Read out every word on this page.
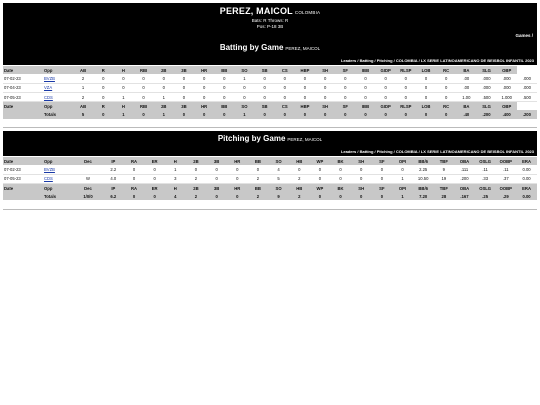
PEREZ, MAICOL COLOMBIA
Bats: R Throws: R
Pos: P-18 3B
Games /
Batting by Game PEREZ, MAICOL
Leaders / Batting / Pitching / COLOMBIA / LX SERIE LATINOAMERICANO DE BEISBOL INFANTIL 2023
Date	Opp	AB	R	H	RBI	2B	3B	HR	BB	SO	SB	CS	HBP	SH	SF	IBB	GIDP	RLSP	LOB	RC	BA	SLG	OBP	
07-02-23	BVZB	2	0	0	0	0	0	0	0	1	0	0	0	0	0	0	0	0	0	0	.00	.000	.000	.000
07-04-23	VZA	1	0	0	0	0	0	0	0	0	0	0	0	0	0	0	0	0	0	0	.00	.000	.000	.000
07-05-23	CDS	2	0	1	0	1	0	0	0	0	0	0	0	0	0	0	0	0	0	0	1.00	.500	1.000	.500
Date	Opp	AB	R	H	RBI	2B	3B	HR	BB	SO	SB	CS	HBP	SH	SF	IBB	GIDP	RLSP	LOB	RC	BA	SLG	OBP	
	Totals	5	0	1	0	1	0	0	0	1	0	0	0	0	0	0	0	0	0	0	.40	.200	.400	.200
Pitching by Game PEREZ, MAICOL
Leaders / Batting / Pitching / COLOMBIA / LX SERIE LATINOAMERICANO DE BEISBOL INFANTIL 2023
Date	Opp	Dec	IP	RA	ER	H	2B	3B	HR	BB	SO	HB	WP	BK	SH	SF	OPI	BB/6	TBF	OBA	OSLG	OOBP	ERA
07-02-23	BVZB		2.2	0	0	1	0	0	0	0	4	0	0	0	0	0	0	2.25	9	.111	.11	.11	0.00
07-05-23	CDS	W	4.0	0	0	3	2	0	0	2	5	2	0	0	0	0	1	10.50	19	.200	.33	.37	0.00
Date	Opp	Dec	IP	RA	ER	H	2B	3B	HR	BB	SO	HB	WP	BK	SH	SF	OPI	BB/6	TBF	OBA	OSLG	OOBP	ERA
	Totals	1/0/0	6.2	0	0	4	2	0	0	2	9	2	0	0	0	0	1	7.20	28	.167	.25	.29	0.00
